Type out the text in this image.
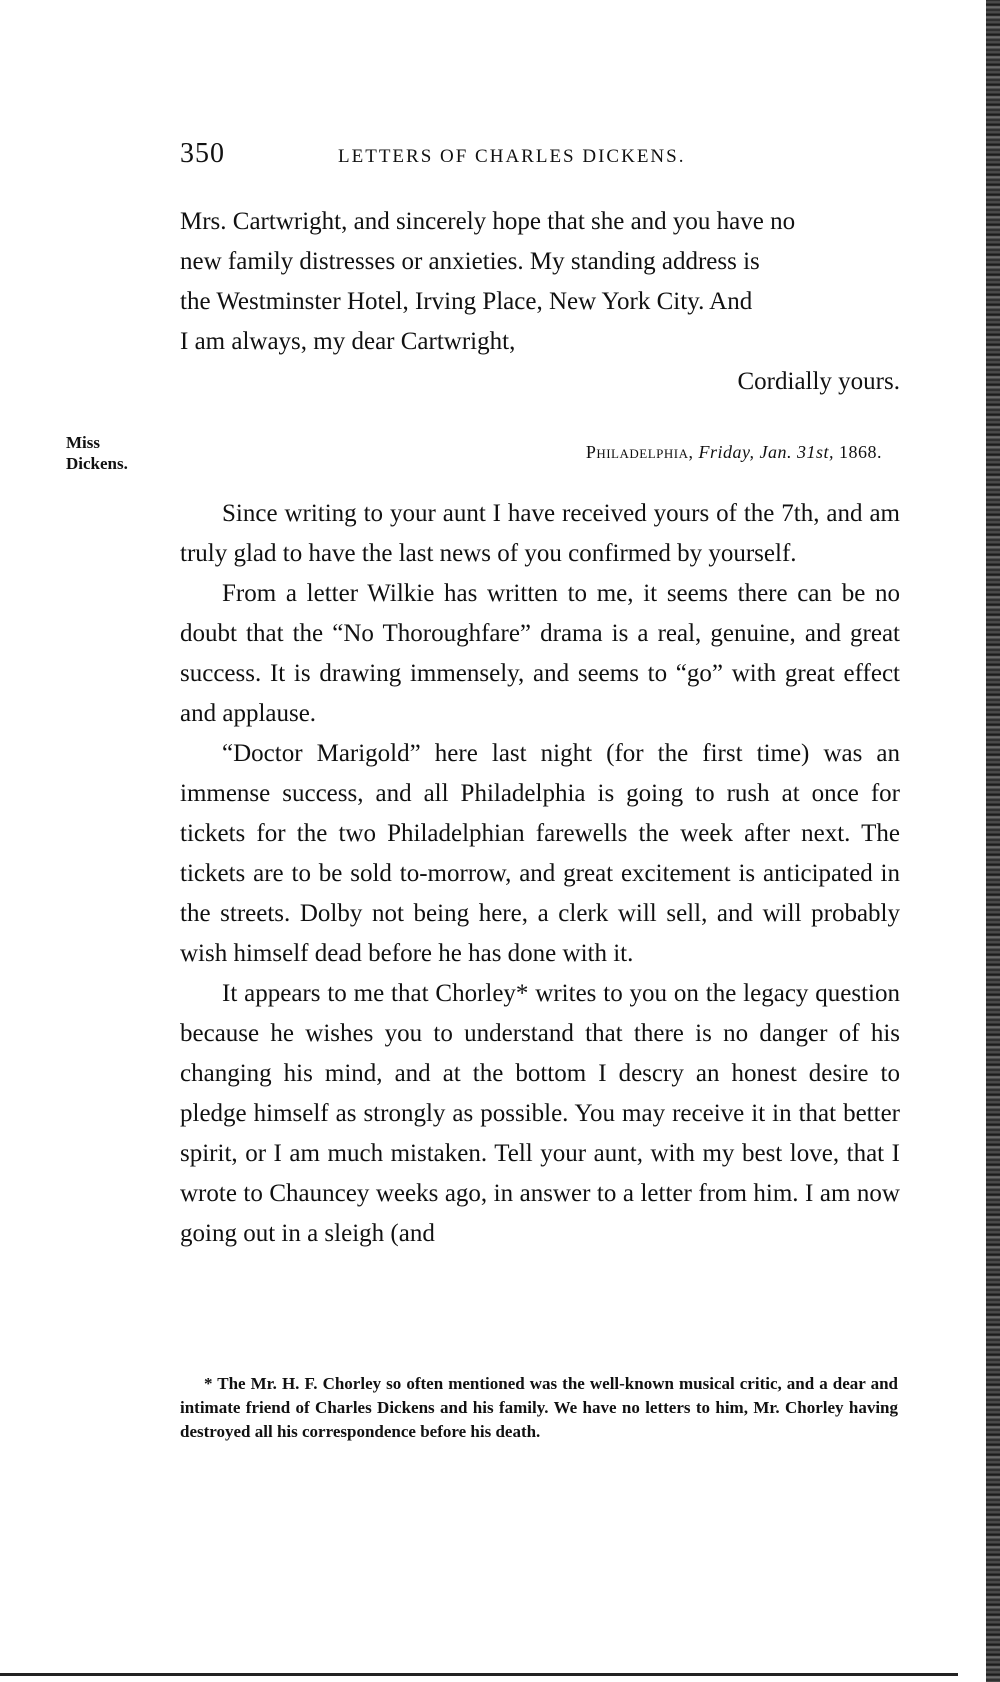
350	LETTERS OF CHARLES DICKENS.

Mrs. Cartwright, and sincerely hope that she and you have no

new family distresses or anxieties. My standing address is

the Westminster Hotel, Irving Place, New York City. And

I am always, my dear Cartwright,

Cordially yours.

Miss
Dickens.
Philadelphia, Friday, Jan. 31st, 1868.

Since writing to your aunt I have received yours of the 7th, and am truly glad to have the last news of you confirmed by yourself.

From a letter Wilkie has written to me, it seems there can be no doubt that the “No Thoroughfare” drama is a real, genuine, and great success. It is drawing immensely, and seems to “go” with great effect and applause.

“Doctor Marigold” here last night (for the first time) was an immense success, and all Philadelphia is going to rush at once for tickets for the two Philadelphian farewells the week after next. The tickets are to be sold to-morrow, and great excitement is anticipated in the streets. Dolby not being here, a clerk will sell, and will probably wish himself dead before he has done with it.

It appears to me that Chorley* writes to you on the legacy question because he wishes you to understand that there is no danger of his changing his mind, and at the bottom I descry an honest desire to pledge himself as strongly as possible. You may receive it in that better spirit, or I am much mistaken. Tell your aunt, with my best love, that I wrote to Chauncey weeks ago, in answer to a letter from him. I am now going out in a sleigh (and

* The Mr. H. F. Chorley so often mentioned was the well-known musical critic, and a dear and intimate friend of Charles Dickens and his family. We have no letters to him, Mr. Chorley having destroyed all his correspondence before his death.
